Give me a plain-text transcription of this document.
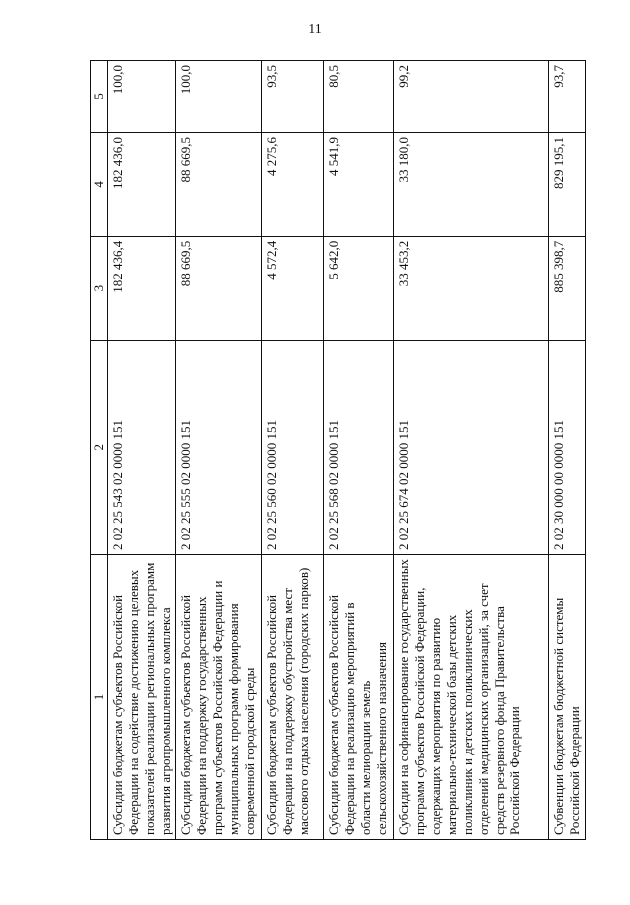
11
1	2	3	4	5
Субсидии бюджетам субъектов Российской Федерации на содействие достижению целевых показателей реализации региональных программ развития агропромышленного комплекса	2 02 25 543 02 0000 151	182 436,4	182 436,0	100,0
Субсидии бюджетам субъектов Российской Федерации на поддержку государственных программ субъектов Российской Федерации и муниципальных программ формирования современной городской среды	2 02 25 555 02 0000 151	88 669,5	88 669,5	100,0
Субсидии бюджетам субъектов Российской Федерации на поддержку обустройства мест массового отдыха населения (городских парков)	2 02 25 560 02 0000 151	4 572,4	4 275,6	93,5
Субсидии бюджетам субъектов Российской Федерации на реализацию мероприятий в области мелиорации земель сельскохозяйственного назначения	2 02 25 568 02 0000 151	5 642,0	4 541,9	80,5
Субсидии на софинансирование государственных программ субъектов Российской Федерации, содержащих мероприятия по развитию материально-технической базы детских поликлиник и детских поликлинических отделений медицинских организаций, за счет средств резервного фонда Правительства Российской Федерации	2 02 25 674 02 0000 151	33 453,2	33 180,0	99,2
Субвенции бюджетам бюджетной системы Российской Федерации	2 02 30 000 00 0000 151	885 398,7	829 195,1	93,7
